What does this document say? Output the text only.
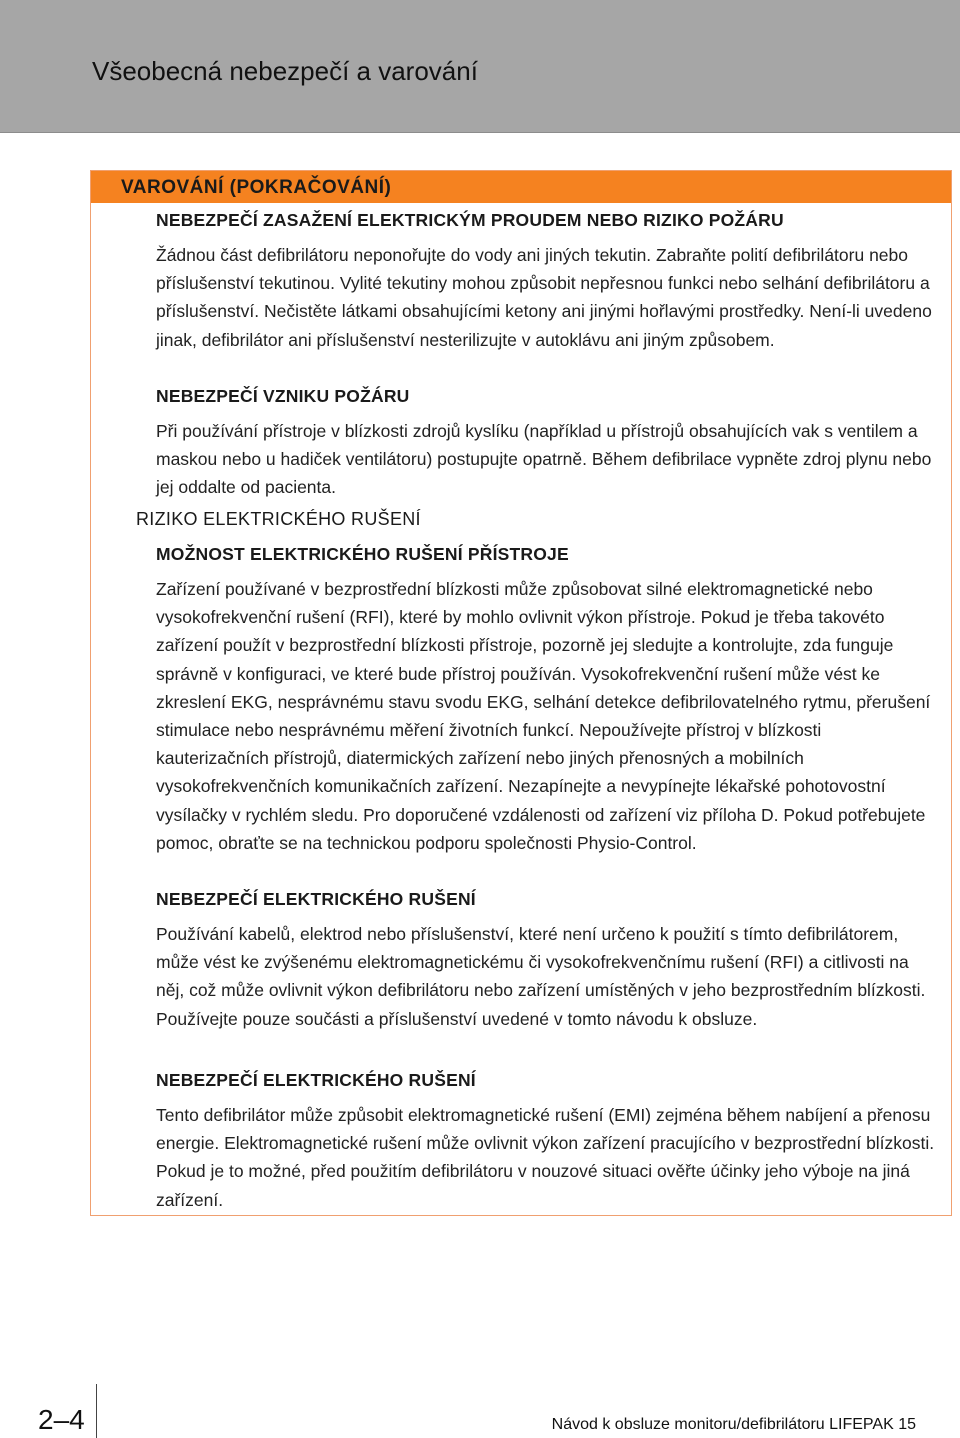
Všeobecná nebezpečí a varování
VAROVÁNÍ (POKRAČOVÁNÍ)

NEBEZPEČÍ ZASAŽENÍ ELEKTRICKÝM PROUDEM NEBO RIZIKO POŽÁRU

Žádnou část defibrilátoru neponořujte do vody ani jiných tekutin. Zabraňte polití defibrilátoru nebo příslušenství tekutinou. Vylité tekutiny mohou způsobit nepřesnou funkci nebo selhání defibrilátoru a příslušenství. Nečistěte látkami obsahujícími ketony ani jinými hořlavými prostředky. Není-li uvedeno jinak, defibrilátor ani příslušenství nesterilizujte v autoklávu ani jiným způsobem.

NEBEZPEČÍ VZNIKU POŽÁRU

Při používání přístroje v blízkosti zdrojů kyslíku (například u přístrojů obsahujících vak s ventilem a maskou nebo u hadiček ventilátoru) postupujte opatrně. Během defibrilace vypněte zdroj plynu nebo jej oddalte od pacienta.

RIZIKO ELEKTRICKÉHO RUŠENÍ

MOŽNOST ELEKTRICKÉHO RUŠENÍ PŘÍSTROJE

Zařízení používané v bezprostřední blízkosti může způsobovat silné elektromagnetické nebo vysokofrekvenční rušení (RFI), které by mohlo ovlivnit výkon přístroje. Pokud je třeba takovéto zařízení použít v bezprostřední blízkosti přístroje, pozorně jej sledujte a kontrolujte, zda funguje správně v konfiguraci, ve které bude přístroj používán. Vysokofrekvenční rušení může vést ke zkreslení EKG, nesprávnému stavu svodu EKG, selhání detekce defibrilovatelného rytmu, přerušení stimulace nebo nesprávnému měření životních funkcí. Nepoužívejte přístroj v blízkosti kauterizačních přístrojů, diatermických zařízení nebo jiných přenosných a mobilních vysokofrekvenčních komunikačních zařízení. Nezapínejte a nevypínejte lékařské pohotovostní vysílačky v rychlém sledu. Pro doporučené vzdálenosti od zařízení viz příloha D. Pokud potřebujete pomoc, obraťte se na technickou podporu společnosti Physio-Control.

NEBEZPEČÍ ELEKTRICKÉHO RUŠENÍ

Používání kabelů, elektrod nebo příslušenství, které není určeno k použití s tímto defibrilátorem, může vést ke zvýšenému elektromagnetickému či vysokofrekvenčnímu rušení (RFI) a citlivosti na něj, což může ovlivnit výkon defibrilátoru nebo zařízení umístěných v jeho bezprostředním blízkosti. Používejte pouze součásti a příslušenství uvedené v tomto návodu k obsluze.

NEBEZPEČÍ ELEKTRICKÉHO RUŠENÍ

Tento defibrilátor může způsobit elektromagnetické rušení (EMI) zejména během nabíjení a přenosu energie. Elektromagnetické rušení může ovlivnit výkon zařízení pracujícího v bezprostřední blízkosti. Pokud je to možné, před použitím defibrilátoru v nouzové situaci ověřte účinky jeho výboje na jiná zařízení.

2–4	Návod k obsluze monitoru/defibrilátoru LIFEPAK 15
